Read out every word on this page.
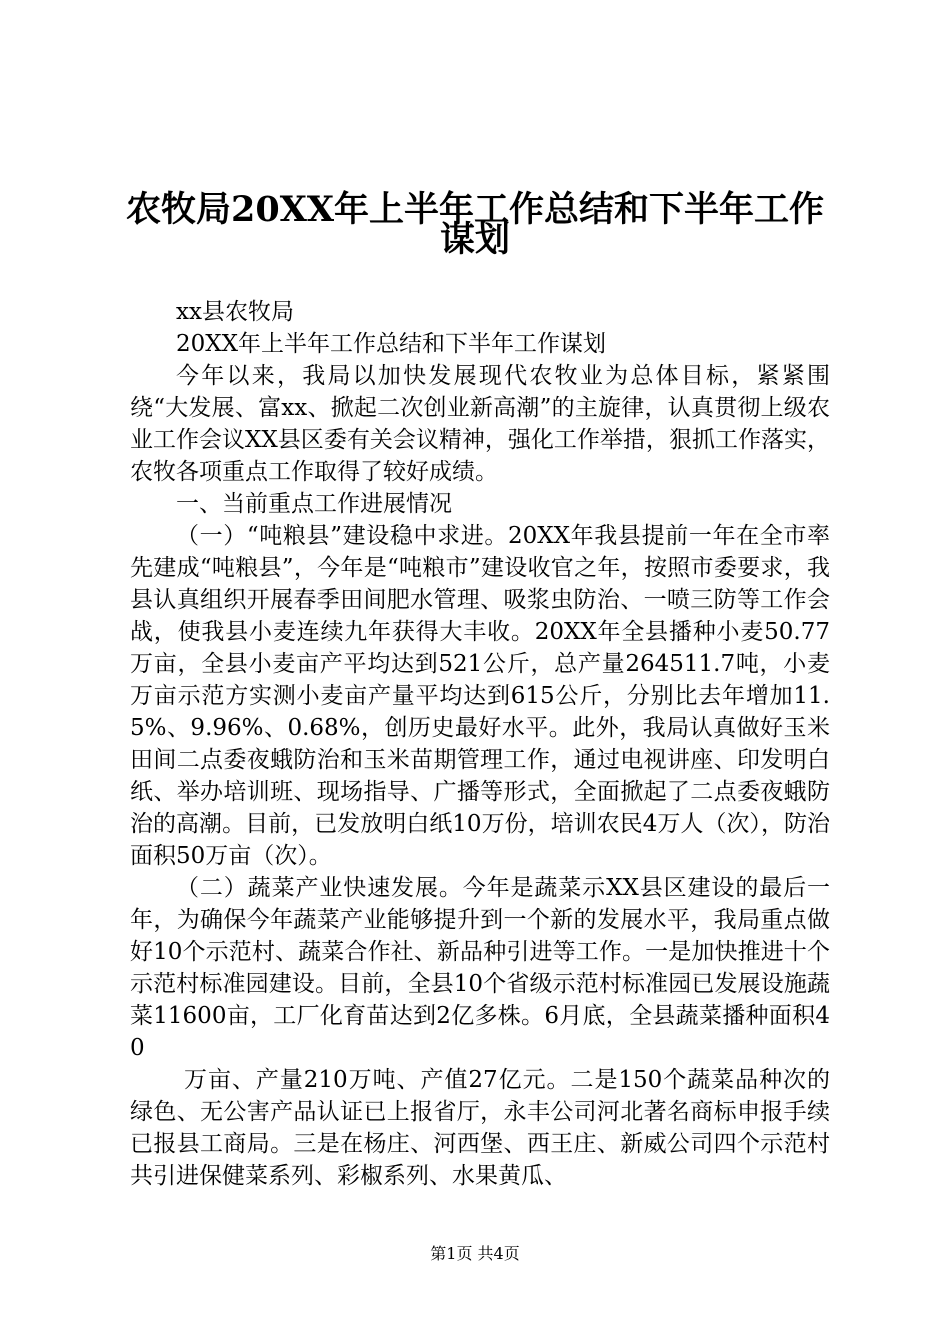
农牧局20XX年上半年工作总结和下半年工作
谋划

xx县农牧局

20XX年上半年工作总结和下半年工作谋划

今年以来，我局以加快发展现代农牧业为总体目标，紧紧围绕“大发展、富xx、掀起二次创业新高潮”的主旋律，认真贯彻上级农业工作会议XX县区委有关会议精神，强化工作举措，狠抓工作落实，农牧各项重点工作取得了较好成绩。

一、当前重点工作进展情况

（一）“吨粮县”建设稳中求进。20XX年我县提前一年在全市率先建成“吨粮县”，今年是“吨粮市”建设收官之年，按照市委要求，我县认真组织开展春季田间肥水管理、吸浆虫防治、一喷三防等工作会战，使我县小麦连续九年获得大丰收。20XX年全县播种小麦50.77万亩，全县小麦亩产平均达到521公斤，总产量264511.7吨，小麦万亩示范方实测小麦亩产量平均达到615公斤，分别比去年增加11.5%、9.96%、0.68%，创历史最好水平。此外，我局认真做好玉米田间二点委夜蛾防治和玉米苗期管理工作，通过电视讲座、印发明白纸、举办培训班、现场指导、广播等形式，全面掀起了二点委夜蛾防治的高潮。目前，已发放明白纸10万份，培训农民4万人（次），防治面积50万亩（次）。

（二）蔬菜产业快速发展。今年是蔬菜示XX县区建设的最后一年，为确保今年蔬菜产业能够提升到一个新的发展水平，我局重点做好10个示范村、蔬菜合作社、新品种引进等工作。一是加快推进十个示范村标准园建设。目前，全县10个省级示范村标准园已发展设施蔬菜11600亩，工厂化育苗达到2亿多株。6月底，全县蔬菜播种面积40

万亩、产量210万吨、产值27亿元。二是150个蔬菜品种次的绿色、无公害产品认证已上报省厅，永丰公司河北著名商标申报手续已报县工商局。三是在杨庄、河西堡、西王庄、新威公司四个示范村共引进保健菜系列、彩椒系列、水果黄瓜、

第1页 共4页
